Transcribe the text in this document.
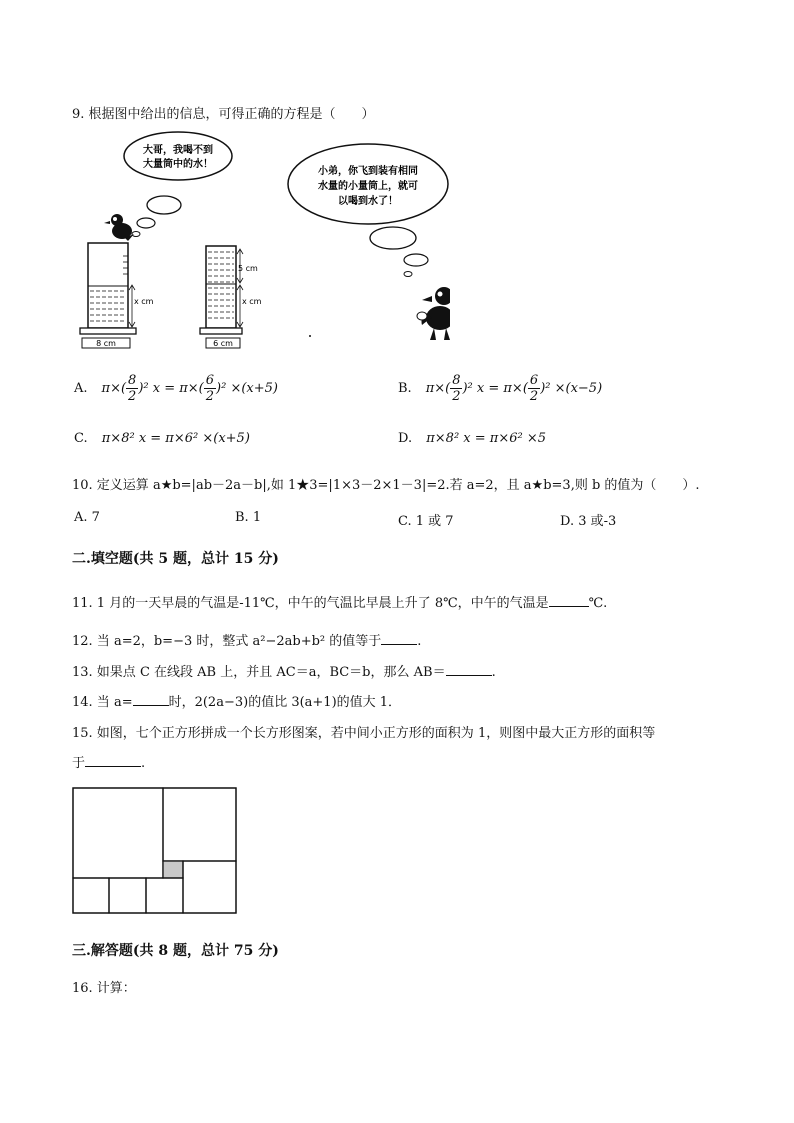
9. 根据图中给出的信息，可得正确的方程是（　　）
大哥，我喝不到
大量筒中的水！
小弟，你飞到装有相同
水量的小量筒上，就可
以喝到水了！
x cm
8 cm
5 cm
x cm
6 cm
A. $\pi\times( \frac{8}{2} )^2$ $x = \pi\times( \frac{6}{2} )^2 \times(x+5)$	B. $\pi\times( \frac{8}{2} )^2$ $x = \pi\times( \frac{6}{2} )^2 \times(x-5)$
C. π×8² x = π×6² ×(x+5)	D. π×8² x = π×6² ×5
10. 定义运算 a★b=|ab－2a－b|,如 1★3=|1×3－2×1－3|=2.若 a=2，且 a★b=3,则 b 的值为（　　）.
A. 7	B. 1	C. 1 或 7	D. 3 或-3
二.填空题(共 5 题，总计 15 分)
11. 1 月的一天早晨的气温是-11℃，中午的气温比早晨上升了 8℃，中午的气温是	℃.
12. 当 a=2，b=−3 时，整式 a²−2ab+b² 的值等于	.
13. 如果点 C 在线段 AB 上，并且 AC＝a，BC＝b，那么 AB＝	.
14. 当 a=	时，2(2a−3)的值比 3(a+1)的值大 1．
15. 如图，七个正方形拼成一个长方形图案，若中间小正方形的面积为 1，则图中最大正方形的面积等
于	.
三.解答题(共 8 题，总计 75 分)
16. 计算：
